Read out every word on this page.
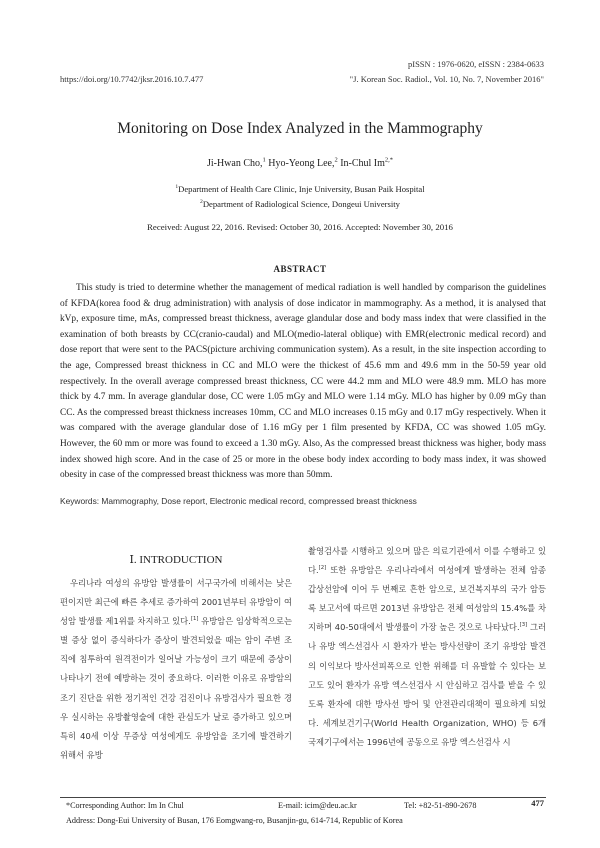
pISSN : 1976-0620, eISSN : 2384-0633
https://doi.org/10.7742/jksr.2016.10.7.477	"J. Korean Soc. Radiol., Vol. 10, No. 7, November 2016"
Monitoring on Dose Index Analyzed in the Mammography
Ji-Hwan Cho,$^1$ Hyo-Yeong Lee,$^2$ In-Chul $Im^{2,*}$
$^1$Department of Health Care Clinic, Inje University, Busan Paik Hospital
$^2$Department of Radiological Science, Dongeui University
Received: August 22, 2016. Revised: October 30, 2016. Accepted: November 30, 2016
ABSTRACT
This study is tried to determine whether the management of medical radiation is well handled by comparison the guidelines of KFDA(korea food & drug administration) with analysis of dose indicator in mammography. As a method, it is analysed that kVp, exposure time, mAs, compressed breast thickness, average glandular dose and body mass index that were classified in the examination of both breasts by CC(cranio-caudal) and MLO(medio-lateral oblique) with EMR(electronic medical record) and dose report that were sent to the PACS(picture archiving communication system). As a result, in the site inspection according to the age, Compressed breast thickness in CC and MLO were the thickest of 45.6 mm and 49.6 mm in the 50-59 year old respectively. In the overall average compressed breast thickness, CC were 44.2 mm and MLO were 48.9 mm. MLO has more thick by 4.7 mm. In average glandular dose, CC were 1.05 mGy and MLO were 1.14 mGy. MLO has higher by 0.09 mGy than CC. As the compressed breast thickness increases 10mm, CC and MLO increases 0.15 mGy and 0.17 mGy respectively. When it was compared with the average glandular dose of 1.16 mGy per 1 film presented by KFDA, CC was showed 1.05 mGy. However, the 60 mm or more was found to exceed a 1.30 mGy. Also, As the compressed breast thickness was higher, body mass index showed high score. And in the case of 25 or more in the obese body index according to body mass index, it was showed obesity in case of the compressed breast thickness was more than 50mm.
Keywords: Mammography, Dose report, Electronic medical record, compressed breast thickness
Ⅰ. INTRODUCTION
우리나라 여성의 유방암 발생률이 서구국가에 비해서는 낮은 편이지만 최근에 빠른 추세로 증가하여 2001년부터 유방암이 여성암 발생률 제1위를 차지하고 있다.[1] 유방암은 임상학적으로는 별 증상 없이 증식하다가 증상이 발견되었을 때는 암이 주변 조직에 침투하여 원격전이가 일어날 가능성이 크기 때문에 증상이 나타나기 전에 예방하는 것이 중요하다. 이러한 이유로 유방암의 조기 진단을 위한 정기적인 건강 검진이나 유방검사가 필요한 경우 실시하는 유방촬영술에 대한 관심도가 날로 증가하고 있으며 특히 40세 이상 무증상 여성에게도 유방암을 조기에 발견하기 위해서 유방
촬영검사를 시행하고 있으며 많은 의료기관에서 이를 수행하고 있다.[2] 또한 유방암은 우리나라에서 여성에게 발생하는 전체 암종 갑상선암에 이어 두 번째로 흔한 암으로, 보건복지부의 국가 암등록 보고서에 따르면 2013년 유방암은 전체 여성암의 15.4%를 차지하며 40-50대에서 발생률이 가장 높은 것으로 나타났다.[3] 그러나 유방 엑스선검사 시 환자가 받는 방사선량이 조기 유방암 발견의 이익보다 방사선피폭으로 인한 위해를 더 유발할 수 있다는 보고도 있어 환자가 유방 엑스선검사 시 안심하고 검사를 받을 수 있도록 환자에 대한 방사선 방어 및 안전관리대책이 필요하게 되었다. 세계보건기구(World Health Organization, WHO) 등 6개 국제기구에서는 1996년에 공동으로 유방 엑스선검사 시
*Corresponding Author: Im In Chul	E-mail: icim@deu.ac.kr	Tel: +82-51-890-2678	477
Address: Dong-Eui University of Busan, 176 Eomgwang-ro, Busanjin-gu, 614-714, Republic of Korea
